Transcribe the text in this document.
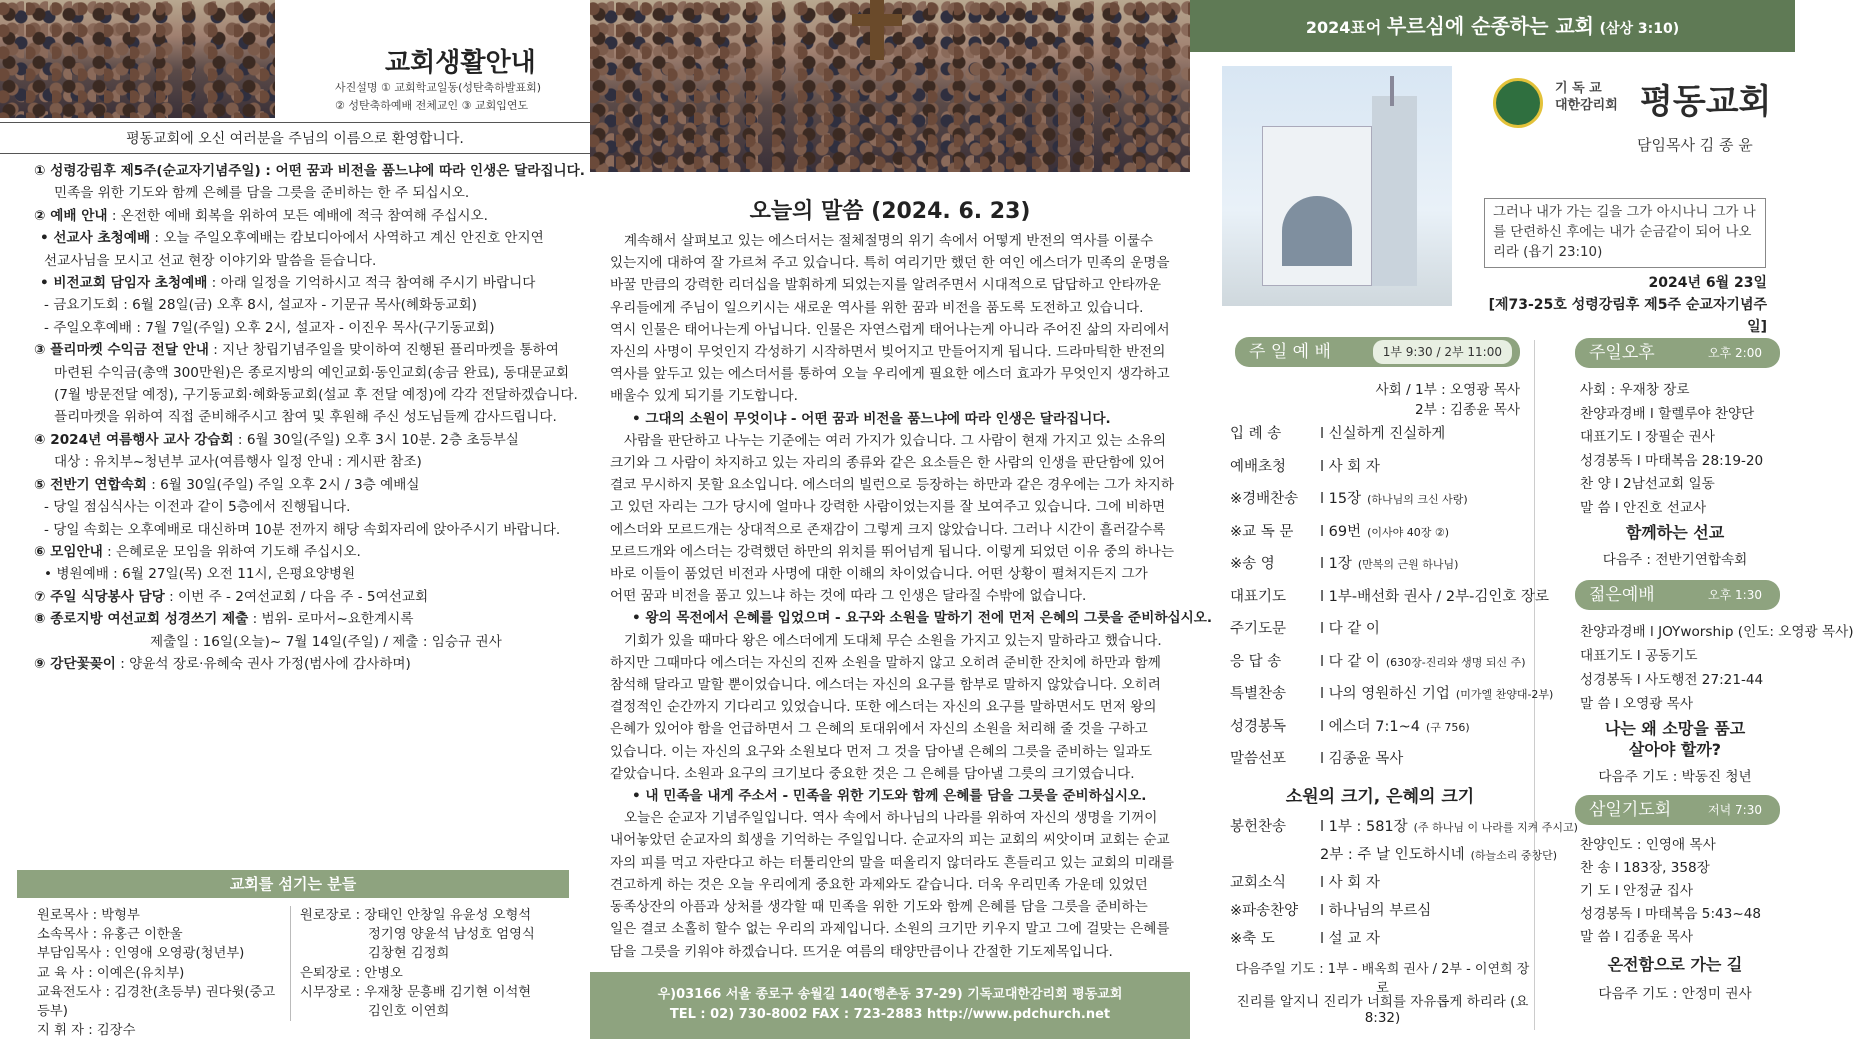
교회생활안내
사진설명 ① 교회학교일동(성탄축하발표회)
② 성탄축하예배 전체교인 ③ 교회입연도
평동교회에 오신 여러분을 주님의 이름으로 환영합니다.
① 성령강림후 제5주(순교자기념주일) : 어떤 꿈과 비전을 품느냐에 따라 인생은 달라집니다.
민족을 위한 기도와 함께 은혜를 담을 그릇을 준비하는 한 주 되십시오.
② 예배 안내 : 온전한 예배 회복을 위하여 모든 예배에 적극 참여해 주십시오.
• 선교사 초청예배 : 오늘 주일오후예배는 캄보디아에서 사역하고 계신 안진호 안지연
선교사님을 모시고 선교 현장 이야기와 말씀을 듣습니다.
• 비전교회 담임자 초청예배 : 아래 일정을 기억하시고 적극 참여해 주시기 바랍니다
- 금요기도회 : 6월 28일(금) 오후 8시, 설교자 - 기문규 목사(혜화동교회)
- 주일오후예배 : 7월 7일(주일) 오후 2시, 설교자 - 이진우 목사(구기동교회)
③ 플리마켓 수익금 전달 안내 : 지난 창립기념주일을 맞이하여 진행된 플리마켓을 통하여
마련된 수익금(총액 300만원)은 종로지방의 예인교회·동인교회(송금 완료), 동대문교회
(7월 방문전달 예정), 구기동교회·혜화동교회(설교 후 전달 예정)에 각각 전달하겠습니다.
플리마켓을 위하여 직접 준비해주시고 참여 및 후원해 주신 성도님들께 감사드립니다.
④ 2024년 여름행사 교사 강습회 : 6월 30일(주일) 오후 3시 10분. 2층 초등부실
대상 : 유치부~청년부 교사(여름행사 일정 안내 : 게시판 참조)
⑤ 전반기 연합속회 : 6월 30일(주일) 주일 오후 2시 / 3층 예배실
- 당일 점심식사는 이전과 같이 5층에서 진행됩니다.
- 당일 속회는 오후예배로 대신하며 10분 전까지 해당 속회자리에 앉아주시기 바랍니다.
⑥ 모임안내 : 은혜로운 모임을 위하여 기도해 주십시오.
• 병원예배 : 6월 27일(목) 오전 11시, 은평요양병원
⑦ 주일 식당봉사 담당 : 이번 주 - 2여선교회 / 다음 주 - 5여선교회
⑧ 종로지방 여선교회 성경쓰기 제출 : 범위- 로마서~요한계시록
제출일 : 16일(오늘)~ 7월 14일(주일) / 제출 : 임승규 권사
⑨ 강단꽃꽂이 : 양윤석 장로·유혜숙 권사 가정(범사에 감사하며)
교회를 섬기는 분들
원로목사 : 박형부
소속목사 : 유홍근 이한울
부담임목사 : 인영애 오영광(청년부)
교 육 사 : 이예은(유치부)
교육전도사 : 김경찬(초등부) 권다윗(중고등부)
지 휘 자 : 김장수
원로장로 : 장태인 안창일 유윤성 오형석
정기영 양윤석 남성호 엄영식
김창현 김정희
은퇴장로 : 안병오
시무장로 : 우재창 문흥배 김기현 이석현
김인호 이연희
오늘의 말씀 (2024. 6. 23)

계속해서 살펴보고 있는 에스더서는 절체절명의 위기 속에서 어떻게 반전의 역사를 이룰수

있는지에 대하여 잘 가르쳐 주고 있습니다. 특히 여리기만 했던 한 여인 에스더가 민족의 운명을

바꿀 만큼의 강력한 리더십을 발휘하게 되었는지를 알려주면서 시대적으로 답답하고 안타까운

우리들에게 주님이 일으키시는 새로운 역사를 위한 꿈과 비전을 품도록 도전하고 있습니다.

역시 인물은 태어나는게 아닙니다. 인물은 자연스럽게 태어나는게 아니라 주어진 삶의 자리에서

자신의 사명이 무엇인지 각성하기 시작하면서 빚어지고 만들어지게 됩니다. 드라마틱한 반전의

역사를 앞두고 있는 에스더서를 통하여 오늘 우리에게 필요한 에스더 효과가 무엇인지 생각하고

배울수 있게 되기를 기도합니다.

• 그대의 소원이 무엇이냐 - 어떤 꿈과 비전을 품느냐에 따라 인생은 달라집니다.

사람을 판단하고 나누는 기준에는 여러 가지가 있습니다. 그 사람이 현재 가지고 있는 소유의

크기와 그 사람이 차지하고 있는 자리의 종류와 같은 요소들은 한 사람의 인생을 판단함에 있어

결코 무시하지 못할 요소입니다. 에스더의 빌런으로 등장하는 하만과 같은 경우에는 그가 차지하

고 있던 자리는 그가 당시에 얼마나 강력한 사람이었는지를 잘 보여주고 있습니다. 그에 비하면

에스더와 모르드개는 상대적으로 존재감이 그렇게 크지 않았습니다. 그러나 시간이 흘러갈수록

모르드개와 에스더는 강력했던 하만의 위치를 뛰어넘게 됩니다. 이렇게 되었던 이유 중의 하나는

바로 이들이 품었던 비전과 사명에 대한 이해의 차이었습니다. 어떤 상황이 펼쳐지든지 그가

어떤 꿈과 비전을 품고 있느냐 하는 것에 따라 그 인생은 달라질 수밖에 없습니다.

• 왕의 목전에서 은혜를 입었으며 - 요구와 소원을 말하기 전에 먼저 은혜의 그릇을 준비하십시오.

기회가 있을 때마다 왕은 에스더에게 도대체 무슨 소원을 가지고 있는지 말하라고 했습니다.

하지만 그때마다 에스더는 자신의 진짜 소원을 말하지 않고 오히려 준비한 잔치에 하만과 함께

참석해 달라고 말할 뿐이었습니다. 에스더는 자신의 요구를 함부로 말하지 않았습니다. 오히려

결정적인 순간까지 기다리고 있었습니다. 또한 에스더는 자신의 요구를 말하면서도 먼저 왕의

은혜가 있어야 함을 언급하면서 그 은혜의 토대위에서 자신의 소원을 처리해 줄 것을 구하고

있습니다. 이는 자신의 요구와 소원보다 먼저 그 것을 담아낼 은혜의 그릇을 준비하는 일과도

같았습니다. 소원과 요구의 크기보다 중요한 것은 그 은혜를 담아낼 그릇의 크기였습니다.

• 내 민족을 내게 주소서 - 민족을 위한 기도와 함께 은혜를 담을 그릇을 준비하십시오.

오늘은 순교자 기념주일입니다. 역사 속에서 하나님의 나라를 위하여 자신의 생명을 기꺼이

내어놓았던 순교자의 희생을 기억하는 주일입니다. 순교자의 피는 교회의 씨앗이며 교회는 순교

자의 피를 먹고 자란다고 하는 터툴리안의 말을 떠올리지 않더라도 흔들리고 있는 교회의 미래를

견고하게 하는 것은 오늘 우리에게 중요한 과제와도 같습니다. 더욱 우리민족 가운데 있었던

동족상잔의 아픔과 상처를 생각할 때 민족을 위한 기도와 함께 은혜를 담을 그릇을 준비하는

일은 결코 소홀히 할수 없는 우리의 과제입니다. 소원의 크기만 키우지 말고 그에 걸맞는 은혜를

담을 그릇을 키워야 하겠습니다. 뜨거운 여름의 태양만큼이나 간절한 기도제목입니다.

우)03166 서울 종로구 송월길 140(행촌동 37-29) 기독교대한감리회 평동교회
TEL : 02) 730-8002 FAX : 723-2883 http://www.pdchurch.net
2024표어 부르심에 순종하는 교회 (삼상 3:10)
기 독 교
대한감리회 평동교회
담임목사 김 종 윤
그러나 내가 가는 길을 그가 아시나니 그가 나를 단련하신 후에는 내가 순금같이 되어 나오리라 (욥기 23:10)
2024년 6월 23일
[제73-25호 성령강림후 제5주 순교자기념주일]
주 일 예 배	1부 9:30 / 2부 11:00
사회 / 1부 : 오영광 목사
2부 : 김종윤 목사
입 례 송	l 신실하게 진실하게
예배초청 l 사 회 자
※경배찬송 l 15장 (하나님의 크신 사랑)
※교 독 문 l 69번 (이사야 40장 ②)
※송 영	l 1장 (만복의 근원 하나님)
대표기도 l 1부-배선화 권사 / 2부-김인호 장로
주기도문 l 다 같 이
응 답 송	l 다 같 이 (630장-진리와 생명 되신 주)
특별찬송 l 나의 영원하신 기업 (미가엘 찬양대-2부)
성경봉독 l 에스더 7:1~4 (구 756)
말씀선포 l 김종윤 목사
소원의 크기, 은혜의 크기
봉헌찬송 l 1부 : 581장 (주 하나님 이 나라를 지켜 주시고)
2부 : 주 날 인도하시네 (하늘소리 중창단)
교회소식 l 사 회 자
※파송찬양 l 하나님의 부르심
※축 도	l 설 교 자
다음주일 기도 : 1부 - 배옥희 권사 / 2부 - 이연희 장로
진리를 알지니 진리가 너희를 자유롭게 하리라 (요 8:32)
주일오후	오후 2:00
사회 : 우재창 장로
찬양과경배 l 할렐루야 찬양단
대표기도 l 장필순 권사
성경봉독 l 마태복음 28:19-20
찬 양 l 2남선교회 일동
말 씀 l 안진호 선교사
함께하는 선교
다음주 : 전반기연합속회
젊은예배	오후 1:30
찬양과경배 l JOYworship (인도: 오영광 목사)
대표기도 l 공동기도
성경봉독 l 사도행전 27:21-44
말 씀 l 오영광 목사
나는 왜 소망을 품고
살아야 할까?
다음주 기도 : 박동진 청년
삼일기도회	저녁 7:30
찬양인도 : 인영애 목사
찬 송 l 183장, 358장
기 도 l 안정균 집사
성경봉독 l 마태복음 5:43~48
말 씀 l 김종윤 목사
온전함으로 가는 길
다음주 기도 : 안정미 권사
